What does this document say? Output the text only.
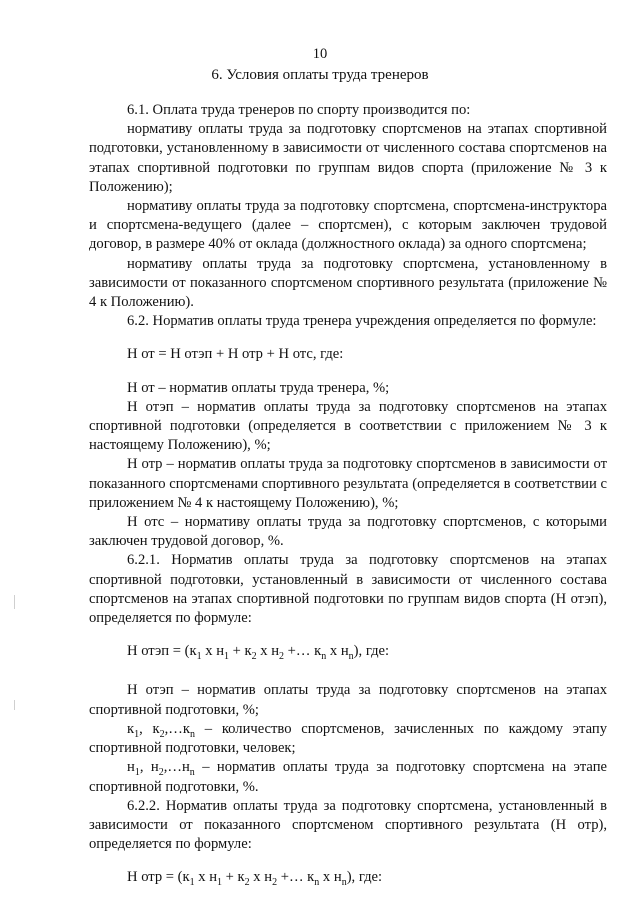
10
6. Условия оплаты труда тренеров

6.1. Оплата труда тренеров по спорту производится по:

нормативу оплаты труда за подготовку спортсменов на этапах спортивной подготовки, установленному в зависимости от численного состава спортсменов на этапах спортивной подготовки по группам видов спорта (приложение № 3 к Положению);

нормативу оплаты труда за подготовку спортсмена, спортсмена-инструктора и спортсмена-ведущего (далее – спортсмен), с которым заключен трудовой договор, в размере 40% от оклада (должностного оклада) за одного спортсмена;

нормативу оплаты труда за подготовку спортсмена, установленному в зависимости от показанного спортсменом спортивного результата (приложение № 4 к Положению).

6.2. Норматив оплаты труда тренера учреждения определяется по формуле:

Н от = Н отэп + Н отр + Н отс, где:

Н от – норматив оплаты труда тренера, %;

Н отэп – норматив оплаты труда за подготовку спортсменов на этапах спортивной подготовки (определяется в соответствии с приложением № 3 к настоящему Положению), %;

Н отр – норматив оплаты труда за подготовку спортсменов в зависимости от показанного спортсменами спортивного результата (определяется в соответствии с приложением № 4 к настоящему Положению), %;

Н отс – нормативу оплаты труда за подготовку спортсменов, с которыми заключен трудовой договор, %.

6.2.1. Норматив оплаты труда за подготовку спортсменов на этапах спортивной подготовки, установленный в зависимости от численного состава спортсменов на этапах спортивной подготовки по группам видов спорта (Н отэп), определяется по формуле:

Н отэп = ($к_1$ х $н_1 + к_2$ х $н_2$ +… $к_n$ х $н_n$), где:

Н отэп – норматив оплаты труда за подготовку спортсменов на этапах спортивной подготовки, %;

$к_1$, $к_2,\dots к_n$ – количество спортсменов, зачисленных по каждому этапу спортивной подготовки, человек;

$н_1$, $н_2,\dots н_n$ – норматив оплаты труда за подготовку спортсмена на этапе спортивной подготовки, %.

6.2.2. Норматив оплаты труда за подготовку спортсмена, установленный в зависимости от показанного спортсменом спортивного результата (Н отр), определяется по формуле:

Н отр = ($к_1$ х $н_1 + к_2$ х $н_2$ +… $к_n$ х $н_n$), где:
